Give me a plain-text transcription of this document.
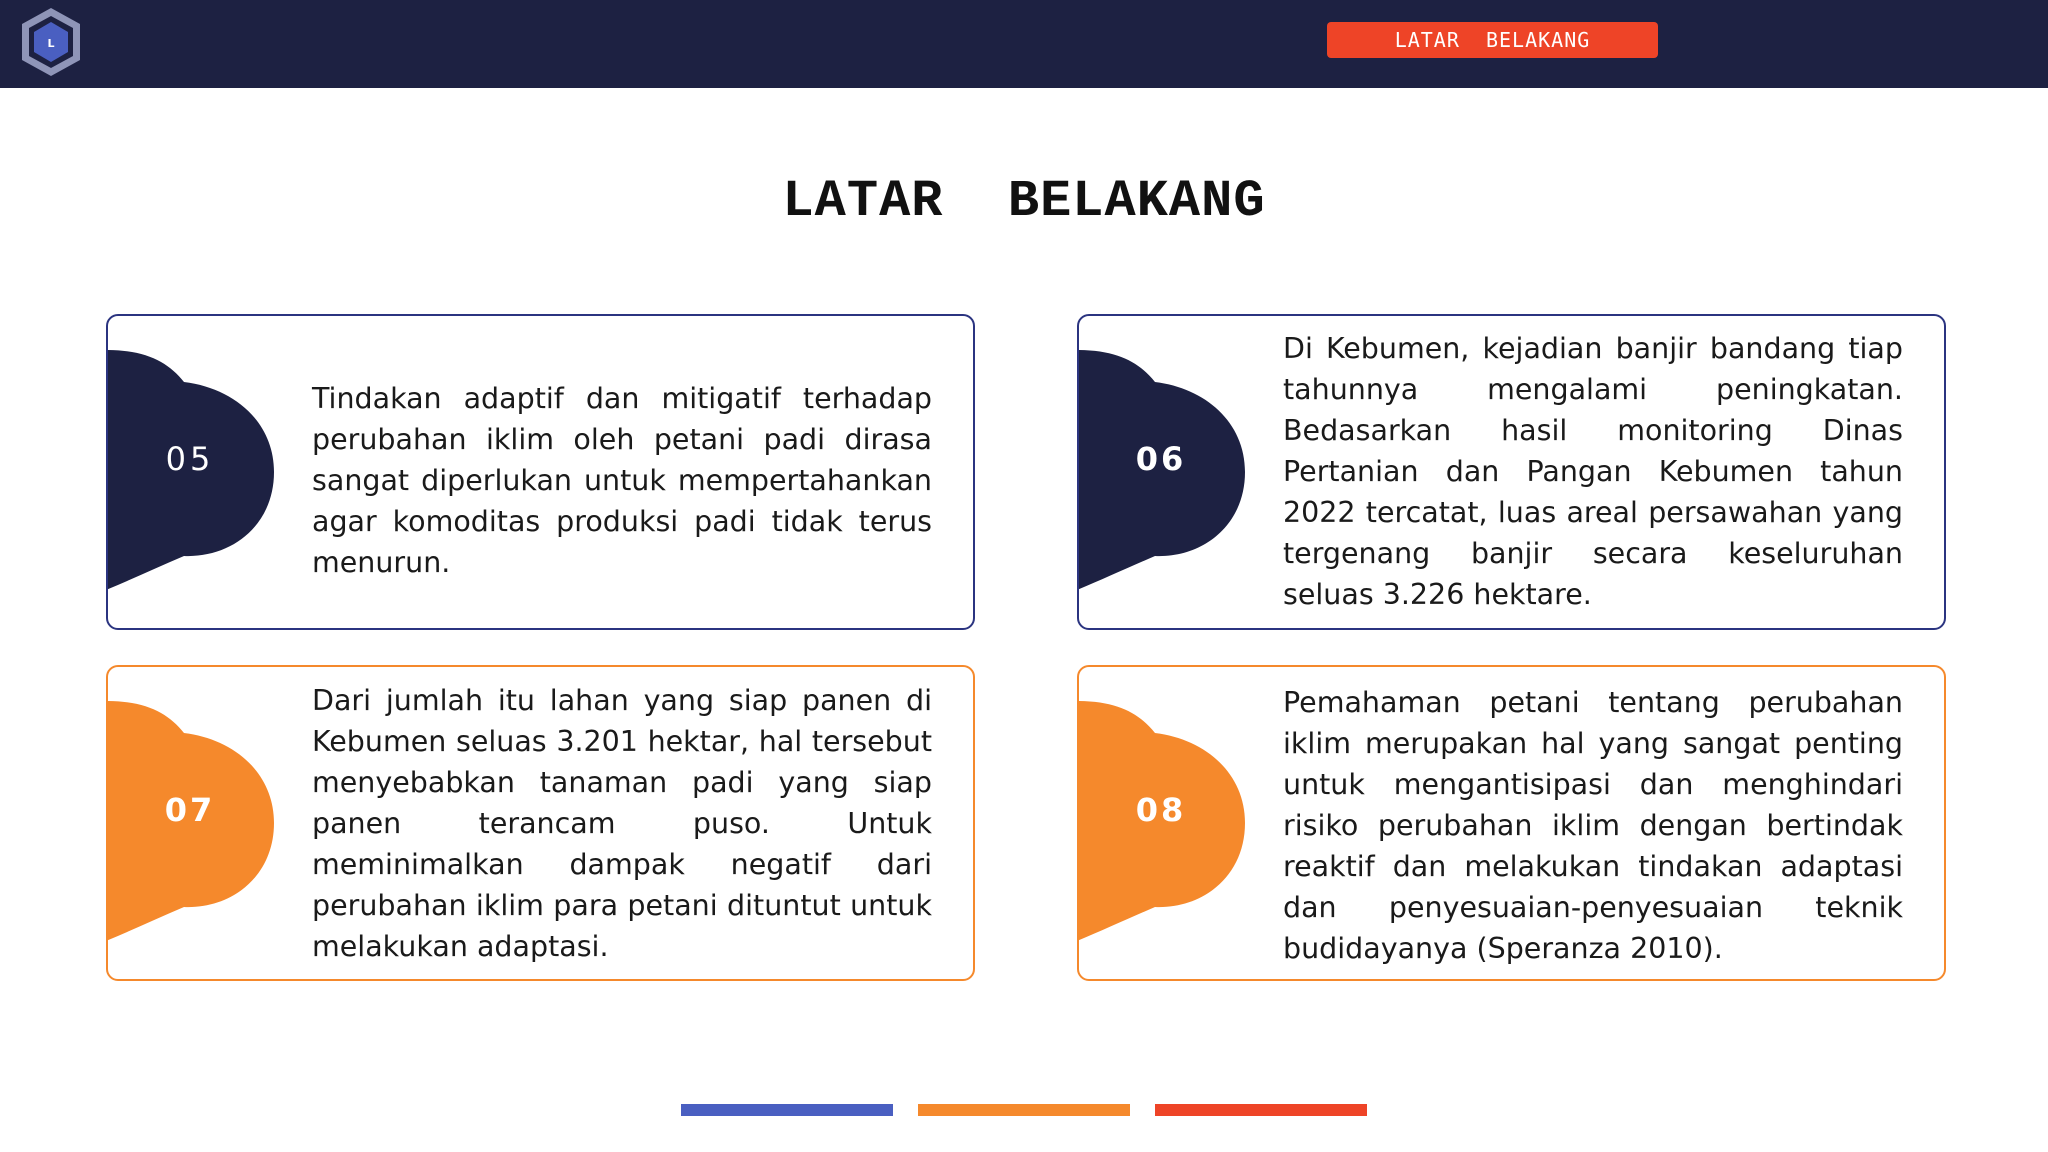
L	LATAR  BELAKANG
LATAR  BELAKANG
05
Tindakan adaptif dan mitigatif terhadap perubahan iklim oleh petani padi dirasa sangat diperlukan untuk mempertahankan agar komoditas produksi padi tidak terus menurun.
06
Di Kebumen, kejadian banjir bandang tiap tahunnya mengalami peningkatan. Bedasarkan hasil monitoring Dinas Pertanian dan Pangan Kebumen tahun 2022 tercatat, luas areal persawahan yang tergenang banjir secara keseluruhan seluas 3.226 hektare.
07
Dari jumlah itu lahan yang siap panen di Kebumen seluas 3.201 hektar, hal tersebut menyebabkan tanaman padi yang siap panen terancam puso. Untuk meminimalkan dampak negatif dari perubahan iklim para petani dituntut untuk melakukan adaptasi.
08
Pemahaman petani tentang perubahan iklim merupakan hal yang sangat penting untuk mengantisipasi dan menghindari risiko perubahan iklim dengan bertindak reaktif dan melakukan tindakan adaptasi dan penyesuaian-penyesuaian teknik budidayanya (Speranza 2010).
